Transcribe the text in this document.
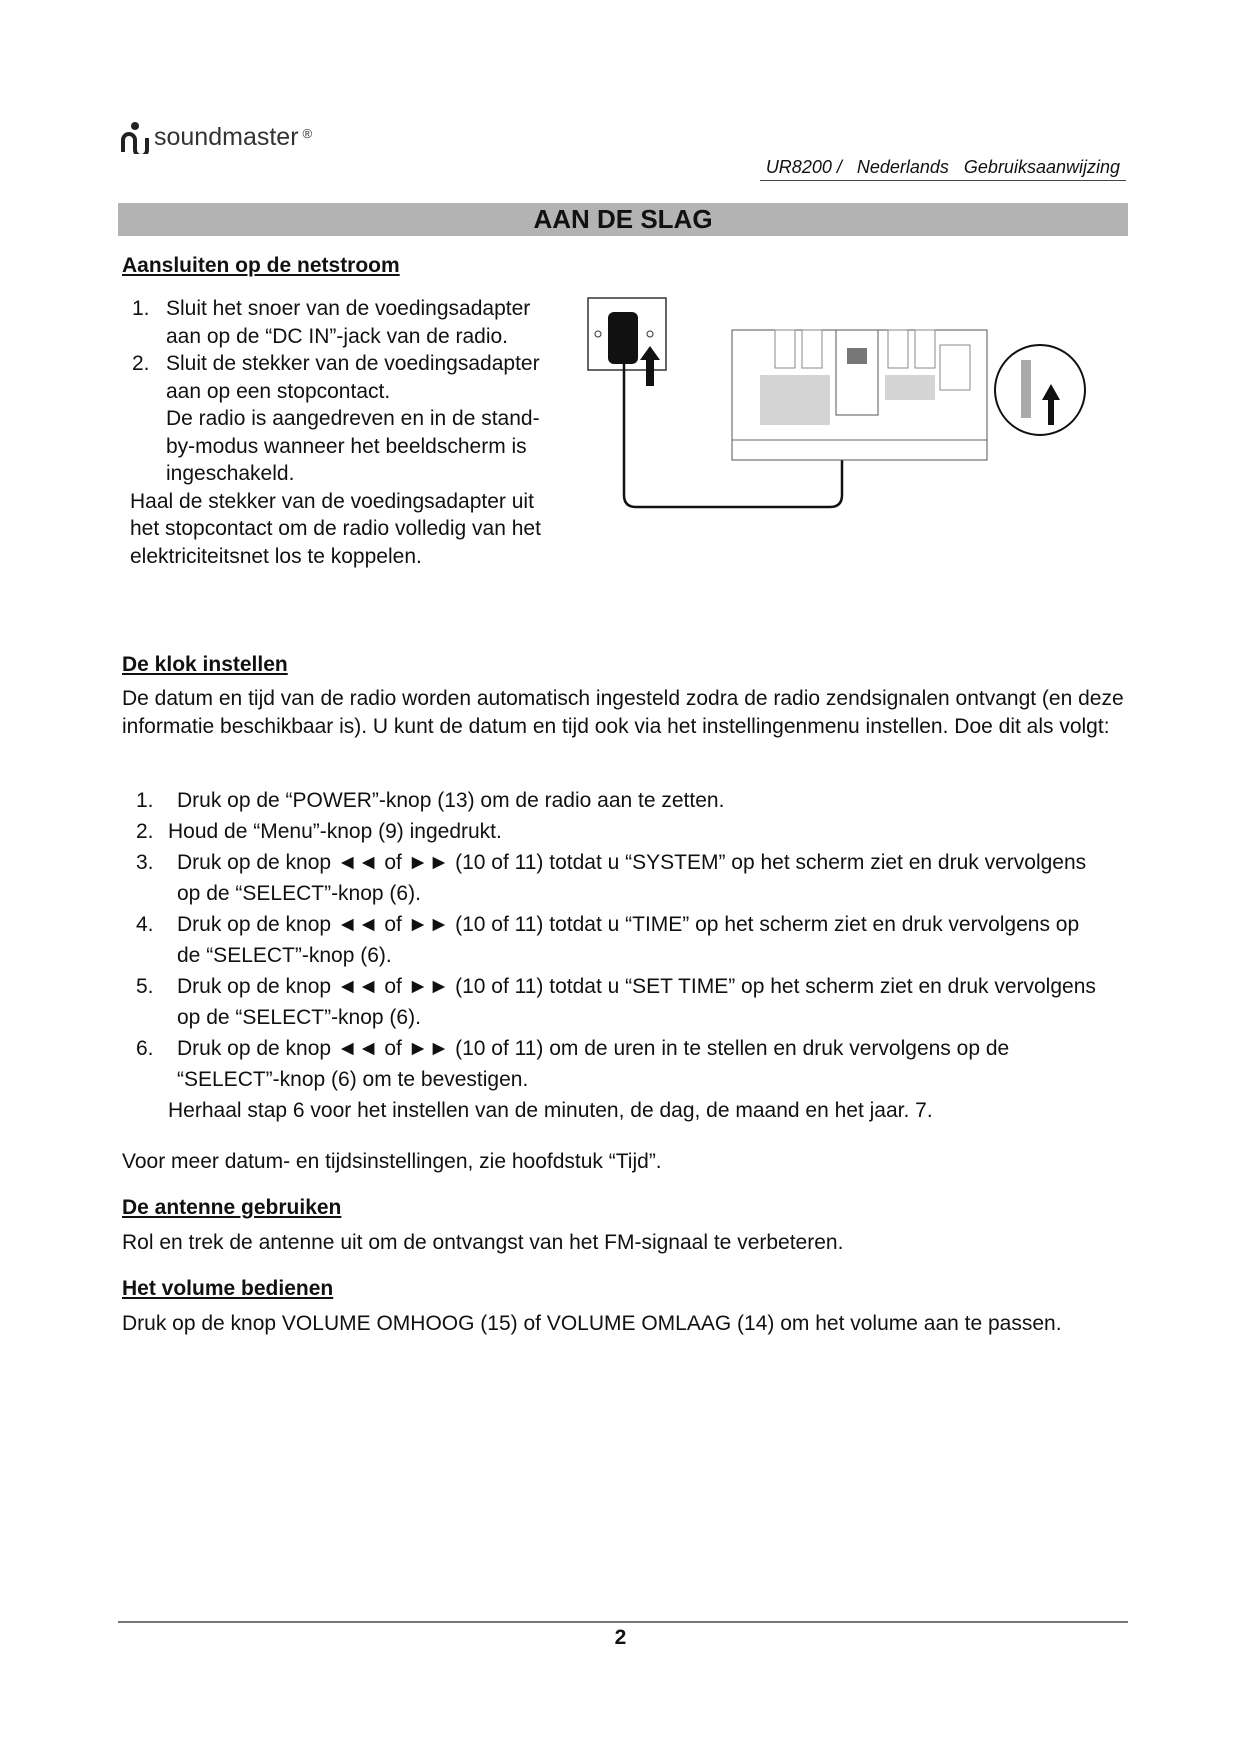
soundmaster ®
UR8200 /   Nederlands   Gebruiksaanwijzing
AAN DE SLAG
Aansluiten op de netstroom
1. Sluit het snoer van de voedingsadapter aan op de “DC IN”-jack van de radio.
2. Sluit de stekker van de voedingsadapter aan op een stopcontact.
De radio is aangedreven en in de stand-by-modus wanneer het beeldscherm is ingeschakeld.
Haal de stekker van de voedingsadapter uit het stopcontact om de radio volledig van het elektriciteitsnet los te koppelen.
De klok instellen
De datum en tijd van de radio worden automatisch ingesteld zodra de radio zendsignalen ontvangt (en deze informatie beschikbaar is). U kunt de datum en tijd ook via het instellingenmenu instellen. Doe dit als volgt:
1. Druk op de “POWER”-knop (13) om de radio aan te zetten.
2. Houd de “Menu”-knop (9) ingedrukt.
3. Druk op de knop ◄◄ of ►► (10 of 11) totdat u “SYSTEM” op het scherm ziet en druk vervolgens op de “SELECT”-knop (6).
4. Druk op de knop ◄◄ of ►► (10 of 11) totdat u “TIME” op het scherm ziet en druk vervolgens op de “SELECT”-knop (6).
5. Druk op de knop ◄◄ of ►► (10 of 11) totdat u “SET TIME” op het scherm ziet en druk vervolgens op de “SELECT”-knop (6).
6. Druk op de knop ◄◄ of ►► (10 of 11) om de uren in te stellen en druk vervolgens op de “SELECT”-knop (6) om te bevestigen.
Herhaal stap 6 voor het instellen van de minuten, de dag, de maand en het jaar. 7.
Voor meer datum- en tijdsinstellingen, zie hoofdstuk “Tijd”.
De antenne gebruiken
Rol en trek de antenne uit om de ontvangst van het FM-signaal te verbeteren.
Het volume bedienen
Druk op de knop VOLUME OMHOOG (15) of VOLUME OMLAAG (14) om het volume aan te passen.
2
